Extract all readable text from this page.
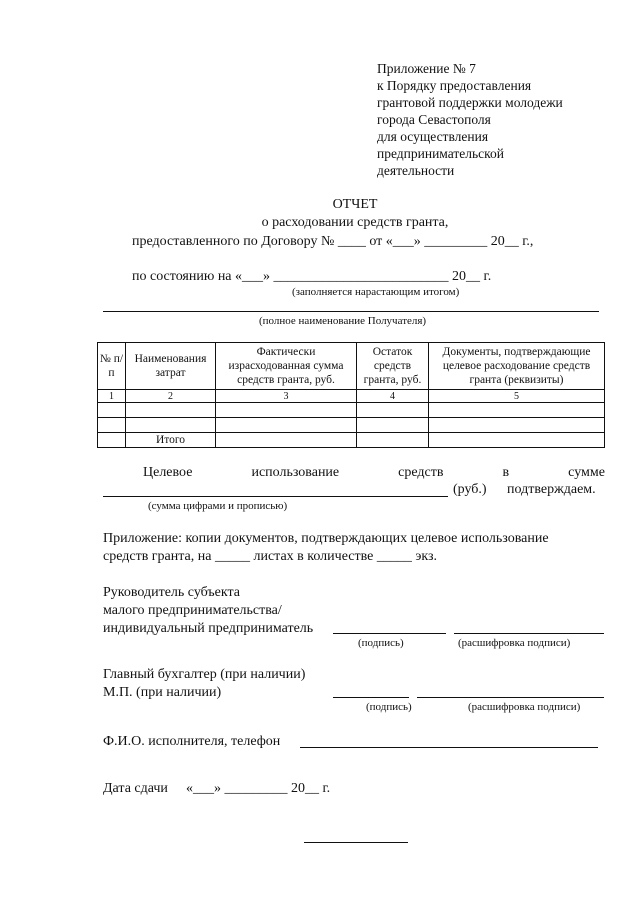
Приложение № 7
к Порядку предоставления
грантовой поддержки молодежи
города Севастополя
для осуществления
предпринимательской
деятельности
ОТЧЕТ
о расходовании средств гранта,
предоставленного по Договору № ____ от «___» _________ 20__ г.,
по состоянию на «___» _________________________ 20__ г.
(заполняется нарастающим итогом)
(полное наименование Получателя)
№ п/п	Наименования затрат	Фактически израсходованная сумма средств гранта, руб.	Остаток средств гранта, руб.	Документы, подтверждающие целевое расходование средств гранта (реквизиты)
1	2	3	4	5

	Итого			
Целевое	использование	средств	в	сумме
(руб.) подтверждаем.
(сумма цифрами и прописью)
Приложение: копии документов, подтверждающих целевое использование
средств гранта, на _____ листах в количестве _____ экз.
Руководитель субъекта
малого предпринимательства/
индивидуальный предприниматель
(подпись)	(расшифровка подписи)
Главный бухгалтер (при наличии)
М.П. (при наличии)
(подпись)	(расшифровка подписи)
Ф.И.О. исполнителя, телефон
Дата сдачи «___» _________ 20__ г.
